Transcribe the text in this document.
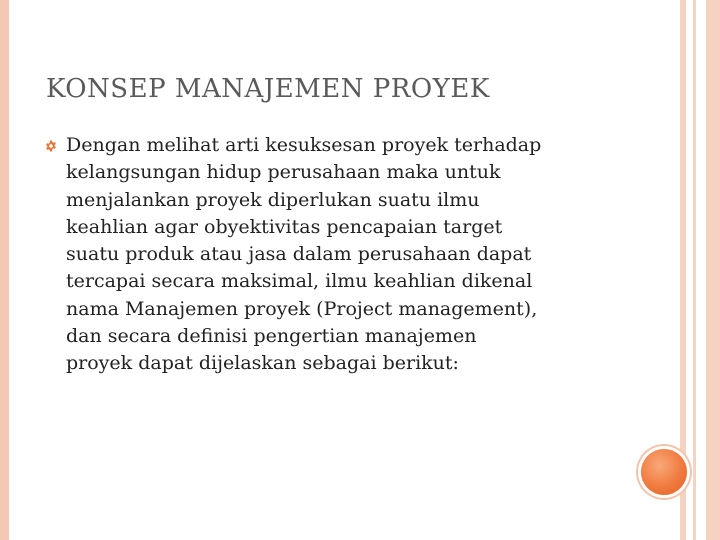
KONSEP MANAJEMEN PROYEK

Dengan melihat arti kesuksesan proyek terhadap
kelangsungan hidup perusahaan maka untuk
menjalankan proyek diperlukan suatu ilmu
keahlian agar obyektivitas pencapaian target
suatu produk atau jasa dalam perusahaan dapat
tercapai secara maksimal, ilmu keahlian dikenal
nama Manajemen proyek (Project management),
dan secara definisi pengertian manajemen
proyek dapat dijelaskan sebagai berikut:
